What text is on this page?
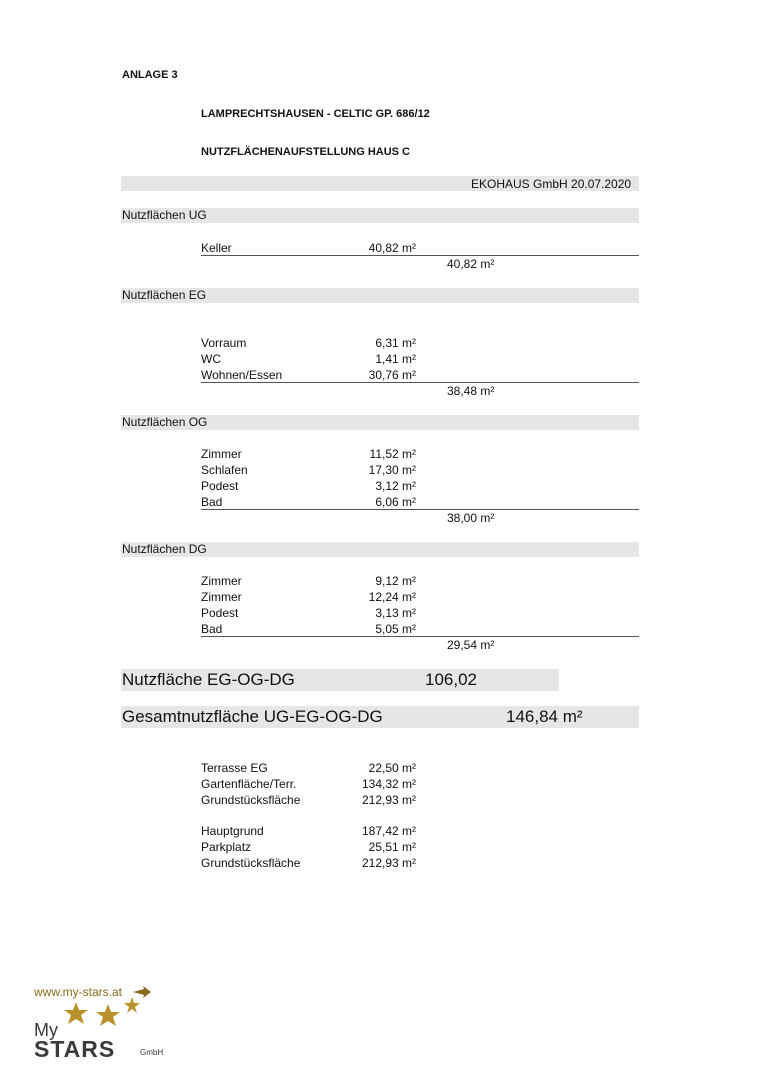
ANLAGE 3
LAMPRECHTSHAUSEN - CELTIC GP. 686/12
NUTZFLÄCHENAUFSTELLUNG HAUS C
EKOHAUS GmbH 20.07.2020
Nutzflächen UG
Keller	40,82 m²
40,82 m²
Nutzflächen EG
Vorraum	6,31 m²
WC	1,41 m²
Wohnen/Essen	30,76 m²
38,48 m²
Nutzflächen OG
Zimmer	11,52 m²
Schlafen	17,30 m²
Podest	3,12 m²
Bad	6,06 m²
38,00 m²
Nutzflächen DG
Zimmer	9,12 m²
Zimmer	12,24 m²
Podest	3,13 m²
Bad	5,05 m²
29,54 m²
Nutzfläche EG-OG-DG	106,02
Gesamtnutzfläche UG-EG-OG-DG	146,84 m²
Terrasse EG	22,50 m²
Gartenfläche/Terr.	134,32 m²
Grundstücksfläche	212,93 m²
Hauptgrund	187,42 m²
Parkplatz	25,51 m²
Grundstücksfläche	212,93 m²
www.my-stars.at
My
STARS	GmbH
